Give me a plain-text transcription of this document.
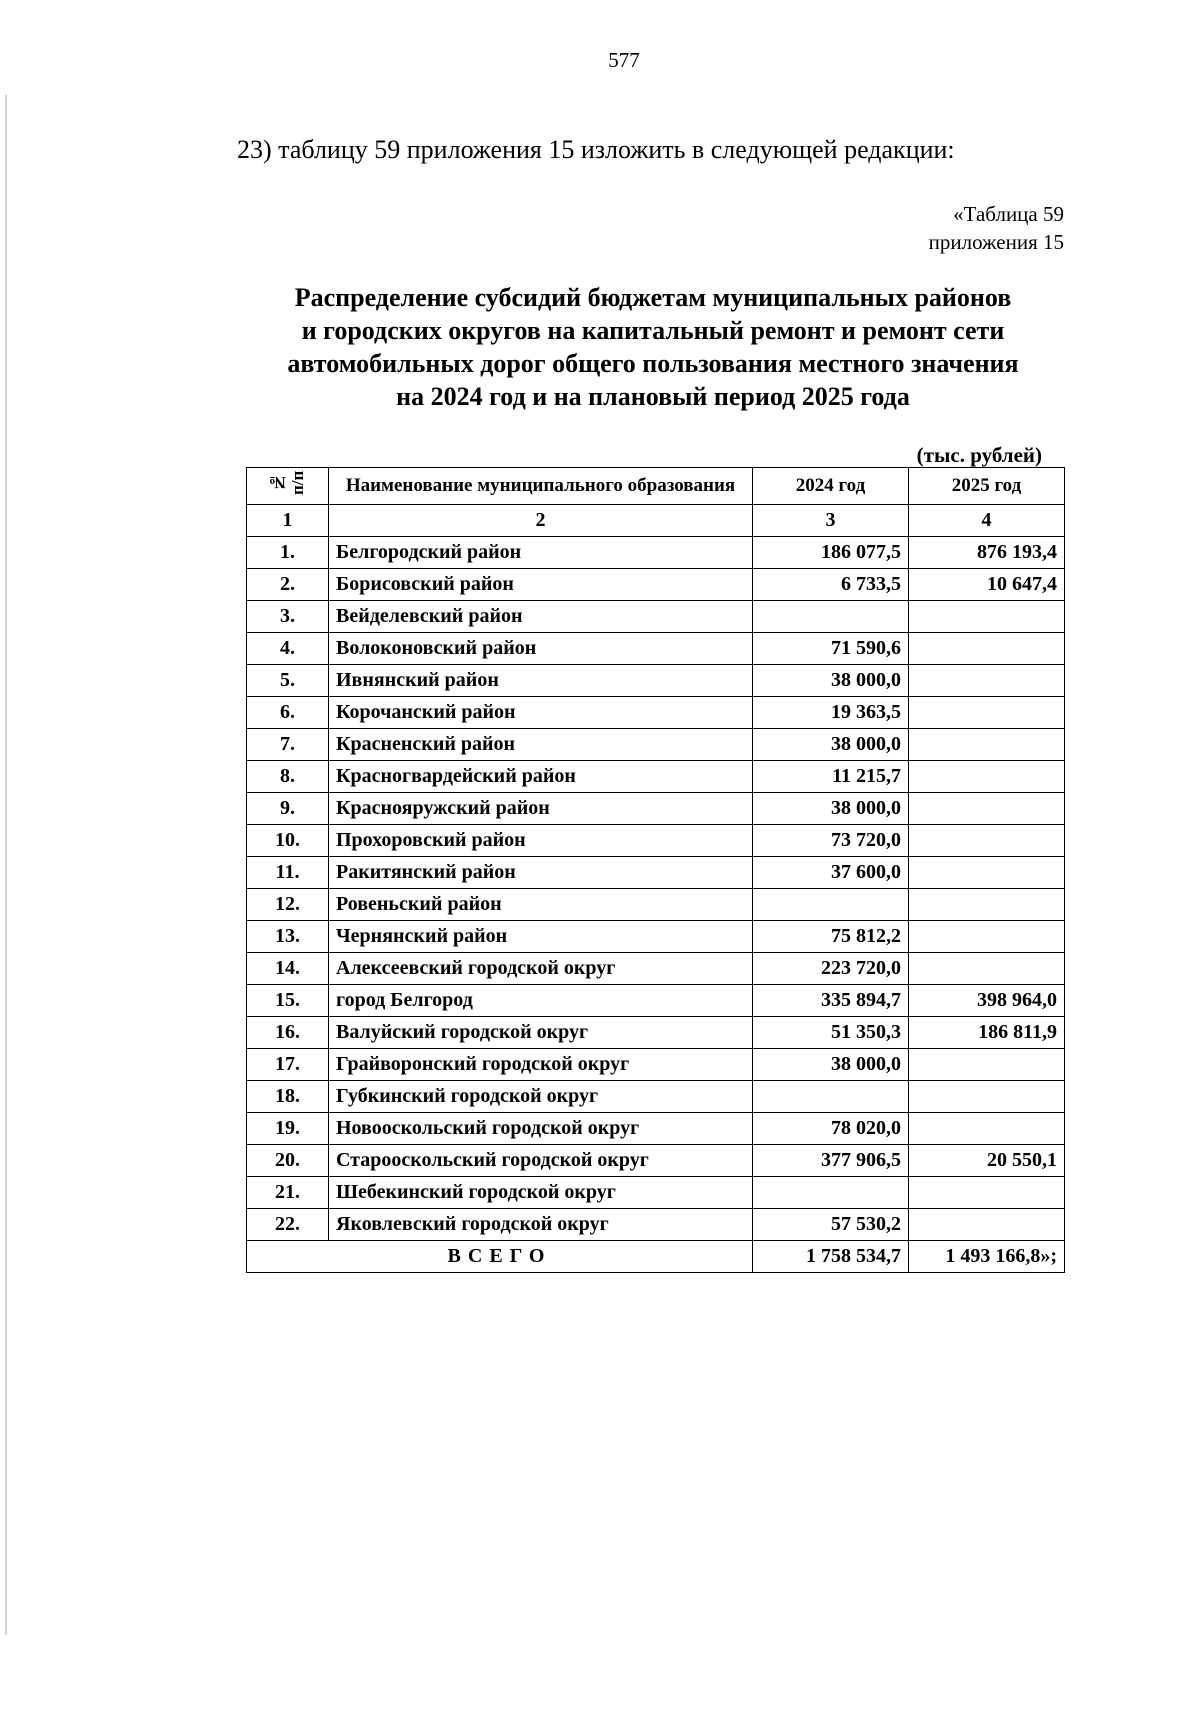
577
23) таблицу 59 приложения 15 изложить в следующей редакции:
«Таблица 59
приложения 15
Распределение субсидий бюджетам муниципальных районов
и городских округов на капитальный ремонт и ремонт сети
автомобильных дорог общего пользования местного значения
на 2024 год и на плановый период 2025 года
(тыс. рублей)
№ п/п	Наименование муниципального образования	2024 год	2025 год
1	2	3	4
1.	Белгородский район	186 077,5	876 193,4
2.	Борисовский район	6 733,5	10 647,4
3.	Вейделевский район		
4.	Волоконовский район	71 590,6	
5.	Ивнянский район	38 000,0	
6.	Корочанский район	19 363,5	
7.	Красненский район	38 000,0	
8.	Красногвардейский район	11 215,7	
9.	Краснояружский район	38 000,0	
10.	Прохоровский район	73 720,0	
11.	Ракитянский район	37 600,0	
12.	Ровеньский район		
13.	Чернянский район	75 812,2	
14.	Алексеевский городской округ	223 720,0	
15.	город Белгород	335 894,7	398 964,0
16.	Валуйский городской округ	51 350,3	186 811,9
17.	Грайворонский городской округ	38 000,0	
18.	Губкинский городской округ		
19.	Новооскольский городской округ	78 020,0	
20.	Старооскольский городской округ	377 906,5	20 550,1
21.	Шебекинский городской округ		
22.	Яковлевский городской округ	57 530,2	
ВСЕГО		1 758 534,7	1 493 166,8»;
